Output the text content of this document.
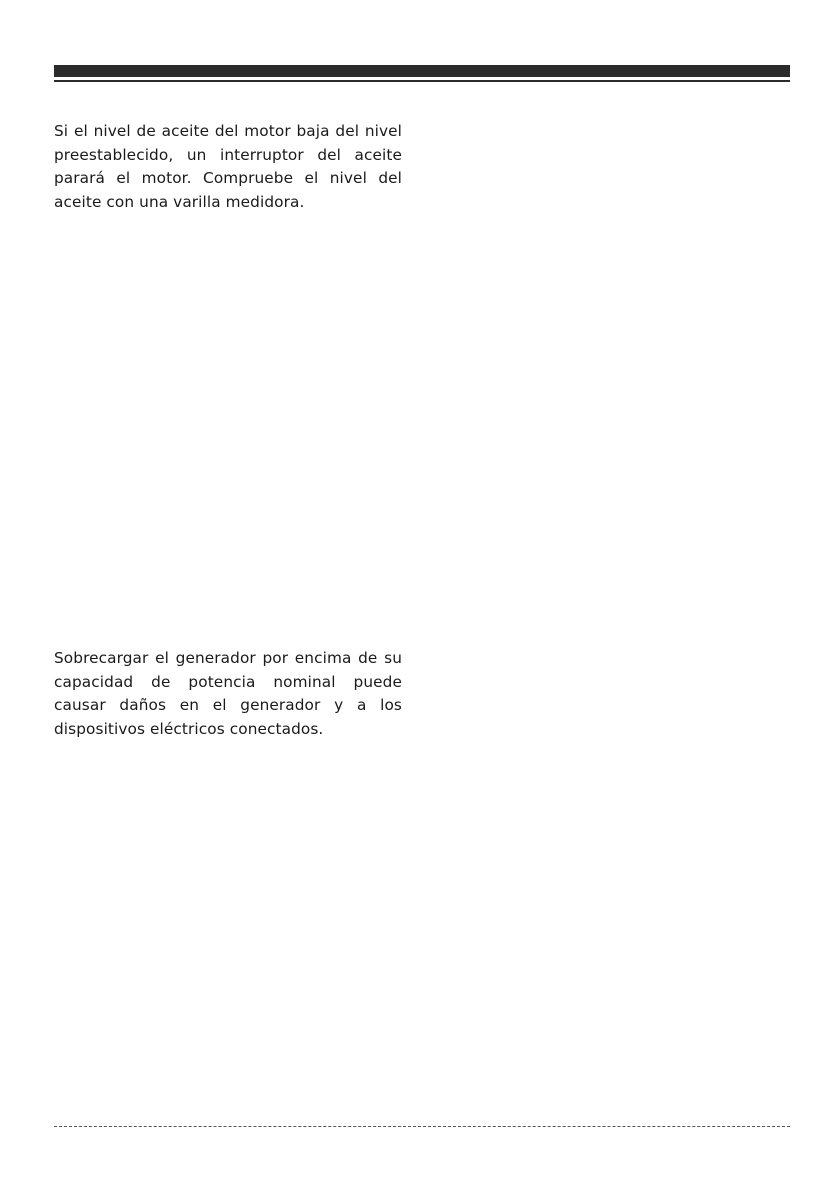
Si el nivel de aceite del motor baja del nivel preestablecido, un interruptor del aceite parará el motor. Compruebe el nivel del aceite con una varilla medidora.

Sobrecargar el generador por encima de su capacidad de potencia nominal puede causar daños en el generador y a los dispositivos eléctricos conectados.
